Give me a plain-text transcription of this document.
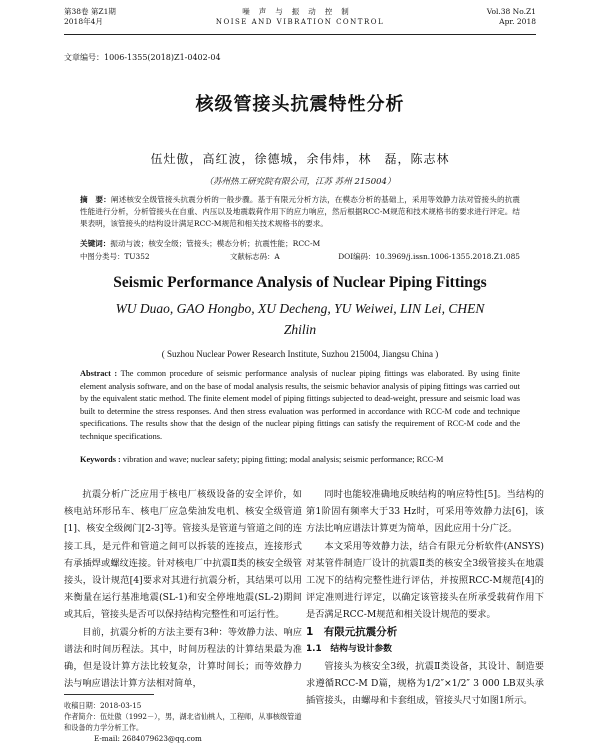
第38卷 第Z1期
2018年4月
噪声与振动控制
NOISE AND VIBRATION CONTROL
Vol.38 No.Z1
Apr. 2018
文章编号：1006-1355(2018)Z1-0402-04
核级管接头抗震特性分析
伍灶傲，高红波，徐德城，余伟炜，林　磊，陈志林
（苏州热工研究院有限公司，江苏 苏州 215004）
摘　要：阐述核安全级管接头抗震分析的一般步骤。基于有限元分析方法，在模态分析的基础上，采用等效静力法对管接头的抗震性能进行分析，分析管接头在自重、内压以及地震载荷作用下的应力响应，然后根据RCC-M规范和技术规格书的要求进行评定。结果表明，该管接头的结构设计满足RCC-M规范和相关技术规格书的要求。
关键词：振动与波；核安全级；管接头；模态分析；抗震性能；RCC-M
中图分类号：TU352	文献标志码：A	DOI编码：10.3969/j.issn.1006-1355.2018.Z1.085
Seismic Performance Analysis of Nuclear Piping Fittings
WU Duao, GAO Hongbo, XU Decheng, YU Weiwei, LIN Lei, CHEN Zhilin
( Suzhou Nuclear Power Research Institute, Suzhou 215004, Jiangsu China )
Abstract : The common procedure of seismic performance analysis of nuclear piping fittings was elaborated. By using finite element analysis software, and on the base of modal analysis results, the seismic behavior analysis of piping fittings was carried out by the equivalent static method. The finite element model of piping fittings subjected to dead-weight, pressure and seismic load was built to determine the stress responses. And then stress evaluation was performed in accordance with RCC-M code and technique specifications. The results show that the design of the nuclear piping fittings can satisfy the requirement of RCC-M code and the technique specifications.
Keywords : vibration and wave; nuclear safety; piping fitting; modal analysis; seismic performance; RCC-M

抗震分析广泛应用于核电厂核级设备的安全评价，如核电站环形吊车、核电厂应急柴油发电机、核安全级管道[1]、核安全级阀门[2-3]等。管接头是管道与管道之间的连接工具，是元件和管道之间可以拆装的连接点，连接形式有承插焊或螺纹连接。针对核电厂中抗震Ⅱ类的核安全级管接头，设计规范[4]要求对其进行抗震分析，其结果可以用来衡量在运行基准地震(SL-1)和安全停堆地震(SL-2)期间或其后，管接头是否可以保持结构完整性和可运行性。

目前，抗震分析的方法主要有3种：等效静力法、响应谱法和时间历程法。其中，时间历程法的计算结果最为准确，但是设计算方法比较复杂，计算时间长；而等效静力法与响应谱法计算方法相对简单，

同时也能较准确地反映结构的响应特性[5]。当结构的第1阶固有频率大于33 Hz时，可采用等效静力法[6]，该方法比响应谱法计算更为简单，因此应用十分广泛。

本文采用等效静力法，结合有限元分析软件(ANSYS)对某管件制造厂设计的抗震Ⅱ类的核安全3级管接头在地震工况下的结构完整性进行评估，并按照RCC-M规范[4]的评定准则进行评定，以确定该管接头在所承受载荷作用下是否满足RCC-M规范和相关设计规范的要求。

1　有限元抗震分析

1.1　结构与设计参数

管接头为核安全3级，抗震Ⅱ类设备，其设计、制造要求遵循RCC-M D篇，规格为1/2″×1/2″ 3 000 LB双头承插管接头，由螺母和卡套组成，管接头尺寸如图1所示。

收稿日期：2018-03-15
作者简介：伍灶傲（1992－），男，湖北省仙桃人，工程师，从事核级管道和设备的力学分析工作。
E-mail: 2684079623@qq.com
